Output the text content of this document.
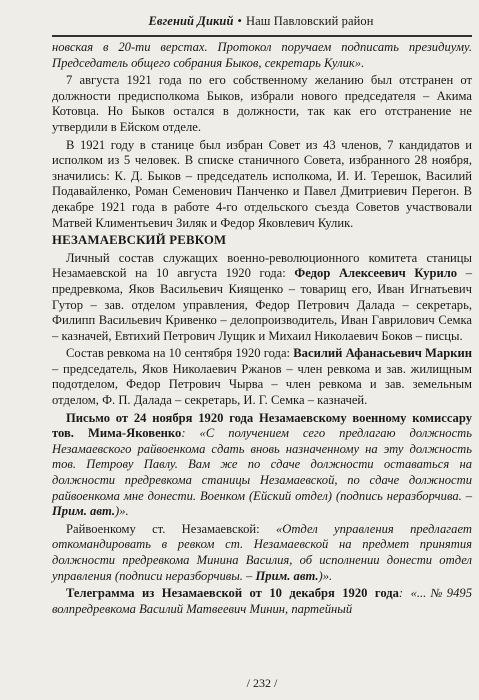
Евгений Дикий • Наш Павловский район

новская в 20-ти верстах. Протокол поручаем подписать президиуму. Председатель общего собрания Быков, секретарь Кулик».

7 августа 1921 года по его собственному желанию был отстранен от должности предисполкома Быков, избрали нового председателя – Акима Котовца. Но Быков остался в должности, так как его отстранение не утвердили в Ейском отделе.

В 1921 году в станице был избран Совет из 43 членов, 7 кандидатов и исполком из 5 человек. В списке станичного Совета, избранного 28 ноября, значились: К. Д. Быков – председатель исполкома, И. И. Терешок, Василий Подавайленко, Роман Семенович Панченко и Павел Дмитриевич Перегон. В декабре 1921 года в работе 4-го отдельского съезда Советов участвовали Матвей Климентьевич Зиляк и Федор Яковлевич Кулик.

НЕЗАМАЕВСКИЙ РЕВКОМ

Личный состав служащих военно-революционного комитета станицы Незамаевской на 10 августа 1920 года: Федор Алексеевич Курило – предревкома, Яков Васильевич Киященко – товарищ его, Иван Игнатьевич Гутор – зав. отделом управления, Федор Петрович Далада – секретарь, Филипп Васильевич Кривенко – делопроизводитель, Иван Гаврилович Семка – казначей, Евтихий Петрович Лущик и Михаил Николаевич Боков – писцы.

Состав ревкома на 10 сентября 1920 года: Василий Афанасьевич Маркин – председатель, Яков Николаевич Ржанов – член ревкома и зав. жилищным подотделом, Федор Петрович Чырва – член ревкома и зав. земельным отделом, Ф. П. Далада – секретарь, И. Г. Семка – казначей.

Письмо от 24 ноября 1920 года Незамаевскому военному комиссару тов. Мима-Яковенко: «С получением сего предлагаю должность Незамаевского райвоенкома сдать вновь назначенному на эту должность тов. Петрову Павлу. Вам же по сдаче должности оставаться на должности предревкома станицы Незамаевской, по сдаче должности райвоенкома мне донести. Военком (Ейский отдел) (подпись неразборчива. – Прим. авт.)».

Райвоенкому ст. Незамаевской: «Отдел управления предлагает откомандировать в ревком ст. Незамаевской на предмет принятия должности предревкома Минина Василия, об исполнении донести отдел управления (подписи неразборчивы. – Прим. авт.)».

Телеграмма из Незамаевской от 10 декабря 1920 года: «...№9495 волпредревкома Василий Матвеевич Минин, партейный

/ 232 /
